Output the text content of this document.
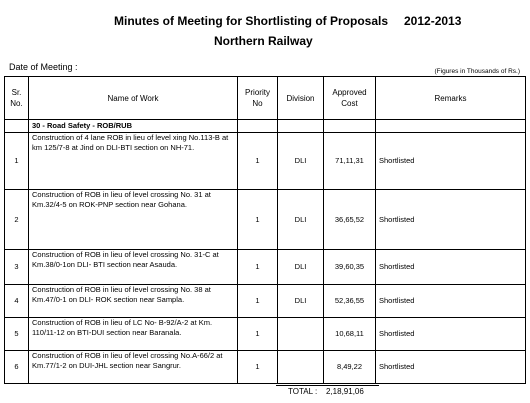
Minutes of Meeting for Shortlisting of Proposals 2012-2013
Northern Railway
Date of Meeting :	(Figures in Thousands of Rs.)
Sr. No.	Name of Work	Priority No	Division	Approved Cost	Remarks
	30 - Road Safety - ROB/RUB				
1	Construction of 4 lane ROB in lieu of level xing No.113-B at km 125/7-8 at Jind on DLI-BTI section on NH-71.	1	DLI	71,11,31	Shortlisted
2	Construction of ROB in lieu of level crossing No. 31 at Km.32/4-5 on ROK-PNP section near Gohana.	1	DLI	36,65,52	Shortlisted
3	Construction of ROB in lieu of level crossing No. 31-C at Km.38/0-1on DLI- BTI section near Asauda.	1	DLI	39,60,35	Shortlisted
4	Construction of ROB in lieu of level crossing No. 38 at Km.47/0-1 on DLI- ROK section near Sampla.	1	DLI	52,36,55	Shortlisted
5	Construction of ROB in lieu of LC No- B-92/A-2 at Km. 110/11-12 on BTI-DUI section near Baranala.	1		10,68,11	Shortlisted
6	Construction of ROB in lieu of level crossing No.A-66/2 at Km.77/1-2 on DUI-JHL section near Sangrur.	1		8,49,22	Shortlisted
TOTAL : 2,18,91,06
